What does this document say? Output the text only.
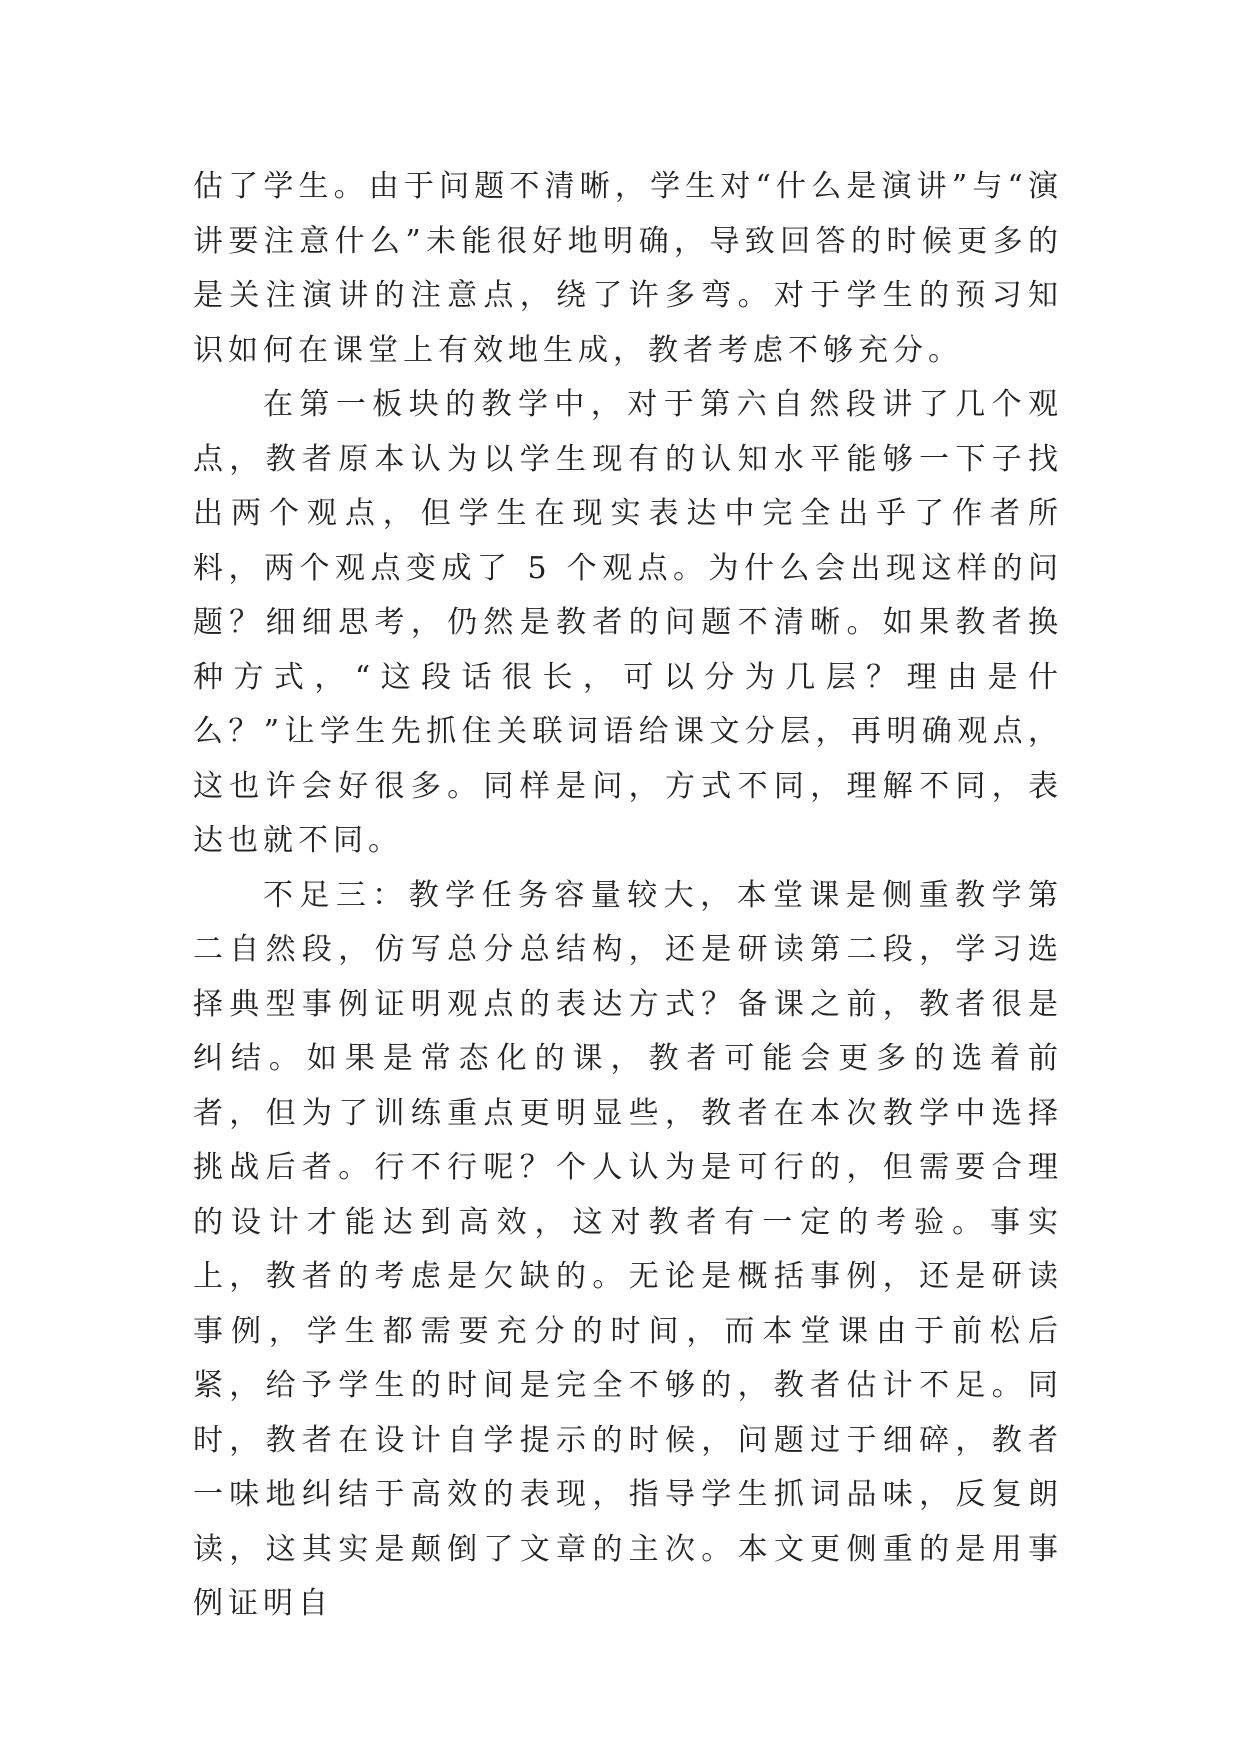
估了学生。由于问题不清晰，学生对“什么是演讲”与“演讲要注意什么”未能很好地明确，导致回答的时候更多的是关注演讲的注意点，绕了许多弯。对于学生的预习知识如何在课堂上有效地生成，教者考虑不够充分。

在第一板块的教学中，对于第六自然段讲了几个观点，教者原本认为以学生现有的认知水平能够一下子找出两个观点，但学生在现实表达中完全出乎了作者所料，两个观点变成了 5 个观点。为什么会出现这样的问题？细细思考，仍然是教者的问题不清晰。如果教者换种方式，“这段话很长，可以分为几层？理由是什么？”让学生先抓住关联词语给课文分层，再明确观点，这也许会好很多。同样是问，方式不同，理解不同，表达也就不同。

不足三：教学任务容量较大，本堂课是侧重教学第二自然段，仿写总分总结构，还是研读第二段，学习选择典型事例证明观点的表达方式？备课之前，教者很是纠结。如果是常态化的课，教者可能会更多的选着前者，但为了训练重点更明显些，教者在本次教学中选择挑战后者。行不行呢？个人认为是可行的，但需要合理的设计才能达到高效，这对教者有一定的考验。事实上，教者的考虑是欠缺的。无论是概括事例，还是研读事例，学生都需要充分的时间，而本堂课由于前松后紧，给予学生的时间是完全不够的，教者估计不足。同时，教者在设计自学提示的时候，问题过于细碎，教者一味地纠结于高效的表现，指导学生抓词品味，反复朗读，这其实是颠倒了文章的主次。本文更侧重的是用事例证明自
